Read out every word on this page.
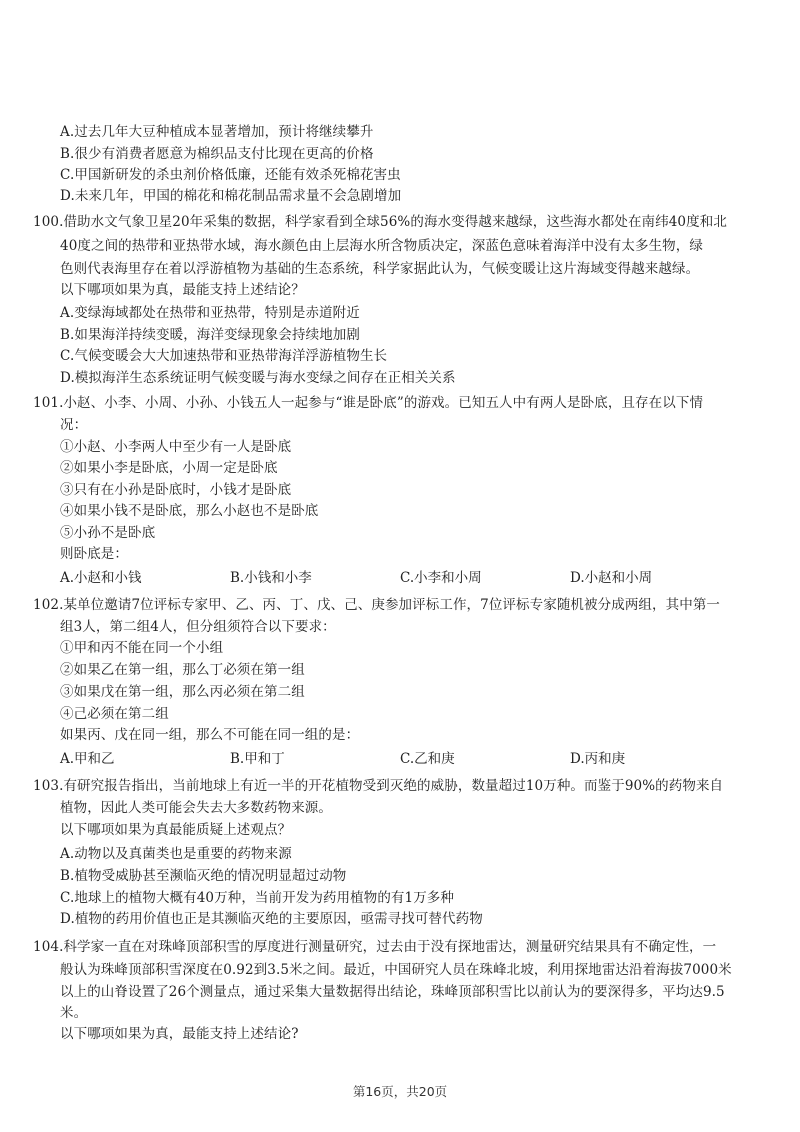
A.过去几年大豆种植成本显著增加，预计将继续攀升
B.很少有消费者愿意为棉织品支付比现在更高的价格
C.甲国新研发的杀虫剂价格低廉，还能有效杀死棉花害虫
D.未来几年，甲国的棉花和棉花制品需求量不会急剧增加
100.借助水文气象卫星20年采集的数据，科学家看到全球56%的海水变得越来越绿，这些海水都处在南纬40度和北
40度之间的热带和亚热带水域，海水颜色由上层海水所含物质决定，深蓝色意味着海洋中没有太多生物，绿
色则代表海里存在着以浮游植物为基础的生态系统，科学家据此认为，气候变暖让这片海域变得越来越绿。
以下哪项如果为真，最能支持上述结论？
A.变绿海域都处在热带和亚热带，特别是赤道附近
B.如果海洋持续变暖，海洋变绿现象会持续地加剧
C.气候变暖会大大加速热带和亚热带海洋浮游植物生长
D.模拟海洋生态系统证明气候变暖与海水变绿之间存在正相关关系
101.小赵、小李、小周、小孙、小钱五人一起参与“谁是卧底”的游戏。已知五人中有两人是卧底，且存在以下情
况：
①小赵、小李两人中至少有一人是卧底
②如果小李是卧底，小周一定是卧底
③只有在小孙是卧底时，小钱才是卧底
④如果小钱不是卧底，那么小赵也不是卧底
⑤小孙不是卧底
则卧底是：
A.小赵和小钱	B.小钱和小李	C.小李和小周	D.小赵和小周
102.某单位邀请7位评标专家甲、乙、丙、丁、戊、己、庚参加评标工作，7位评标专家随机被分成两组，其中第一
组3人，第二组4人，但分组须符合以下要求：
①甲和丙不能在同一个小组
②如果乙在第一组，那么丁必须在第一组
③如果戊在第一组，那么丙必须在第二组
④己必须在第二组
如果丙、戊在同一组，那么不可能在同一组的是：
A.甲和乙	B.甲和丁	C.乙和庚	D.丙和庚
103.有研究报告指出，当前地球上有近一半的开花植物受到灭绝的威胁，数量超过10万种。而鉴于90%的药物来自
植物，因此人类可能会失去大多数药物来源。
以下哪项如果为真最能质疑上述观点？
A.动物以及真菌类也是重要的药物来源
B.植物受威胁甚至濒临灭绝的情况明显超过动物
C.地球上的植物大概有40万种，当前开发为药用植物的有1万多种
D.植物的药用价值也正是其濒临灭绝的主要原因，亟需寻找可替代药物
104.科学家一直在对珠峰顶部积雪的厚度进行测量研究，过去由于没有探地雷达，测量研究结果具有不确定性，一
般认为珠峰顶部积雪深度在0.92到3.5米之间。最近，中国研究人员在珠峰北坡，利用探地雷达沿着海拔7000米
以上的山脊设置了26个测量点，通过采集大量数据得出结论，珠峰顶部积雪比以前认为的要深得多，平均达9.5
米。
以下哪项如果为真，最能支持上述结论?
第16页，共20页
